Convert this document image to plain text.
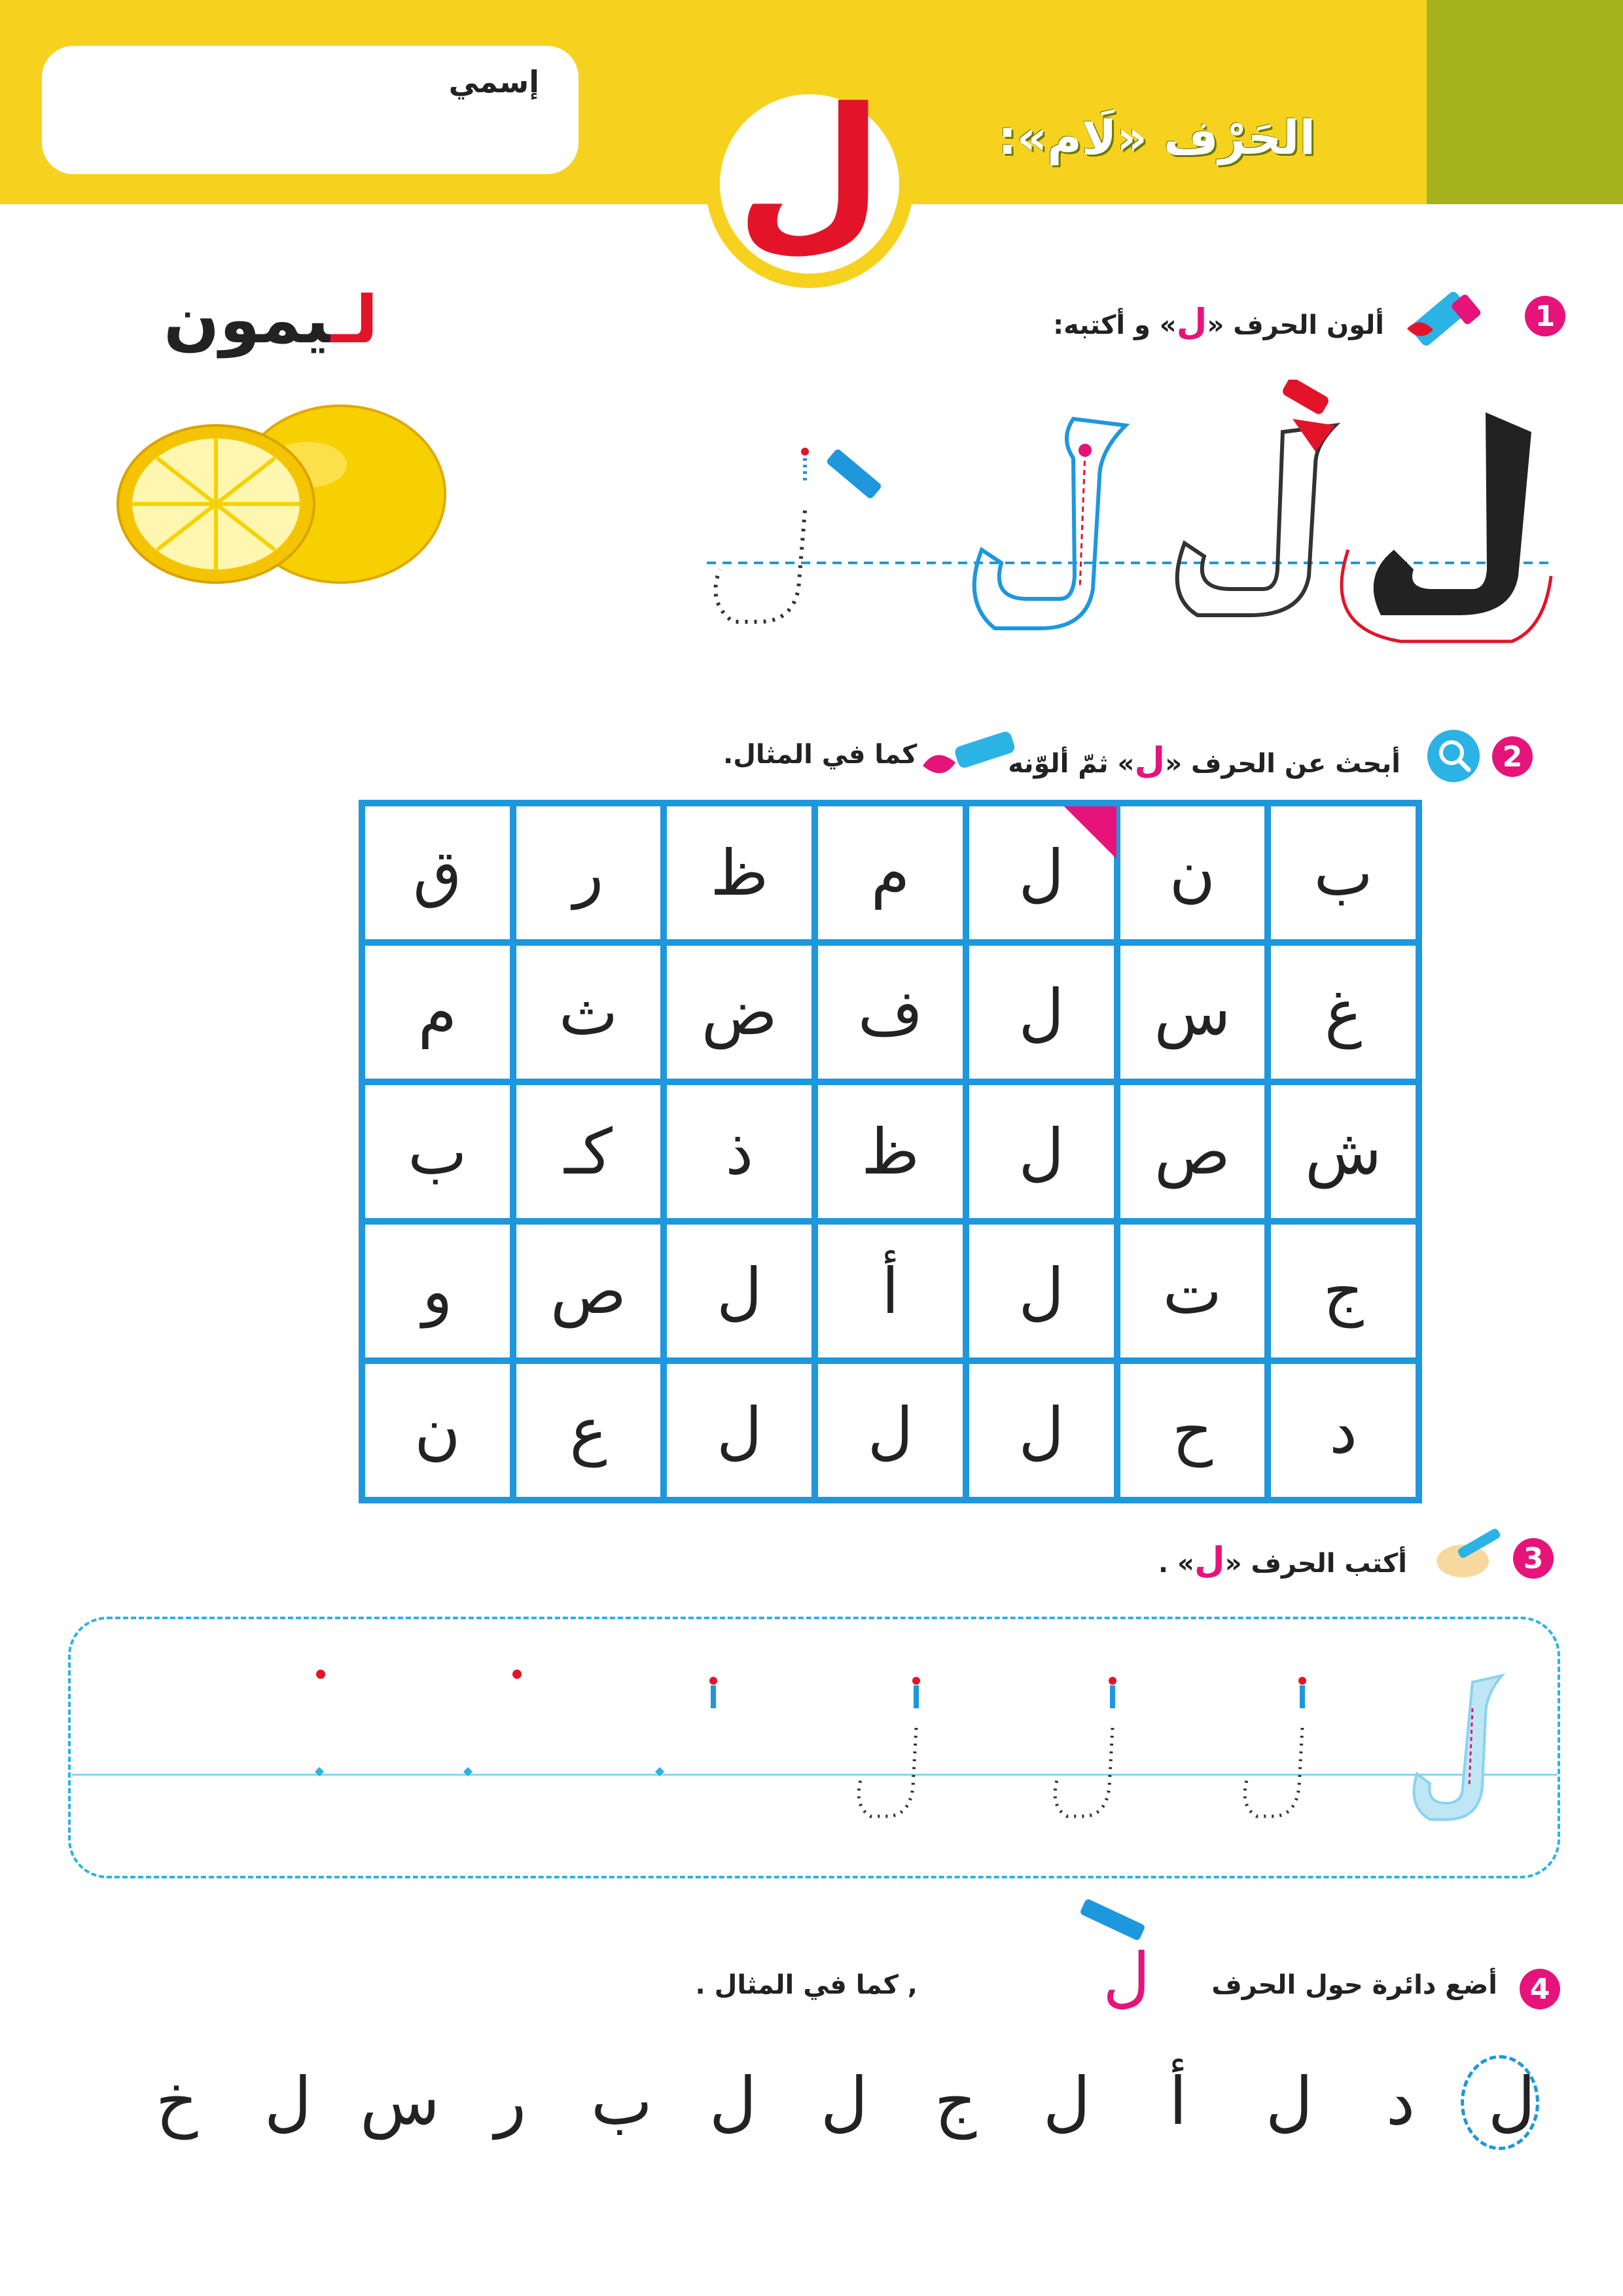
إسمي
الحَرْف «لَام»:
ل
1
ألون الحرف «ل» و أكتبه:
لـيمون
2
أبحث عن الحرف «ل» ثمّ ألوّنه
كما في المثال.
ق	ر	ظ	م	ل	ن	ب
م	ث	ض	ف	ل	س	غ
ب	كـ	ذ	ظ	ل	ص	ش
و	ص	ل	أ	ل	ت	ج
ن	ع	ل	ل	ل	ح	د
3
أكتب الحرف «ل» .
4
أضع دائرة حول الحرف
ل
, كما في المثال .
ل
د
ل
أ
ل
ج
ل
ل
ب
ر
س
ل
خ
